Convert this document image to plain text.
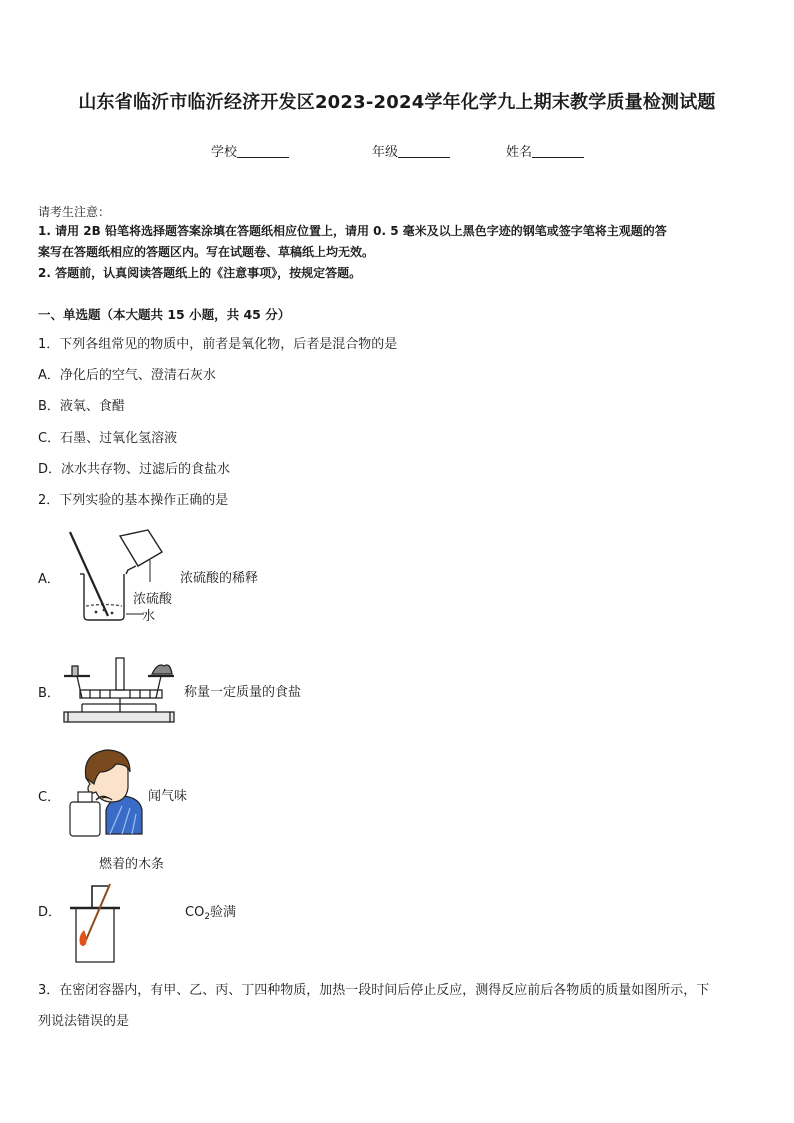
山东省临沂市临沂经济开发区2023-2024学年化学九上期末教学质量检测试题
学校	年级	姓名
请考生注意：
1. 请用 2B 铅笔将选择题答案涂填在答题纸相应位置上，请用 0. 5 毫米及以上黑色字迹的钢笔或签字笔将主观题的答
案写在答题纸相应的答题区内。写在试题卷、草稿纸上均无效。
2. 答题前，认真阅读答题纸上的《注意事项》，按规定答题。
一、单选题（本大题共 15 小题，共 45 分）
1．下列各组常见的物质中，前者是氧化物，后者是混合物的是
A．净化后的空气、澄清石灰水
B．液氧、食醋
C．石墨、过氧化氢溶液
D．冰水共存物、过滤后的食盐水
2．下列实验的基本操作正确的是
A．	浓硫酸的稀释
浓硫酸
水
B．	称量一定质量的食盐
C．	闻气味
燃着的木条
D．	$CO_2$验满
3．在密闭容器内，有甲、乙、丙、丁四种物质，加热一段时间后停止反应，测得反应前后各物质的质量如图所示，下
列说法错误的是
